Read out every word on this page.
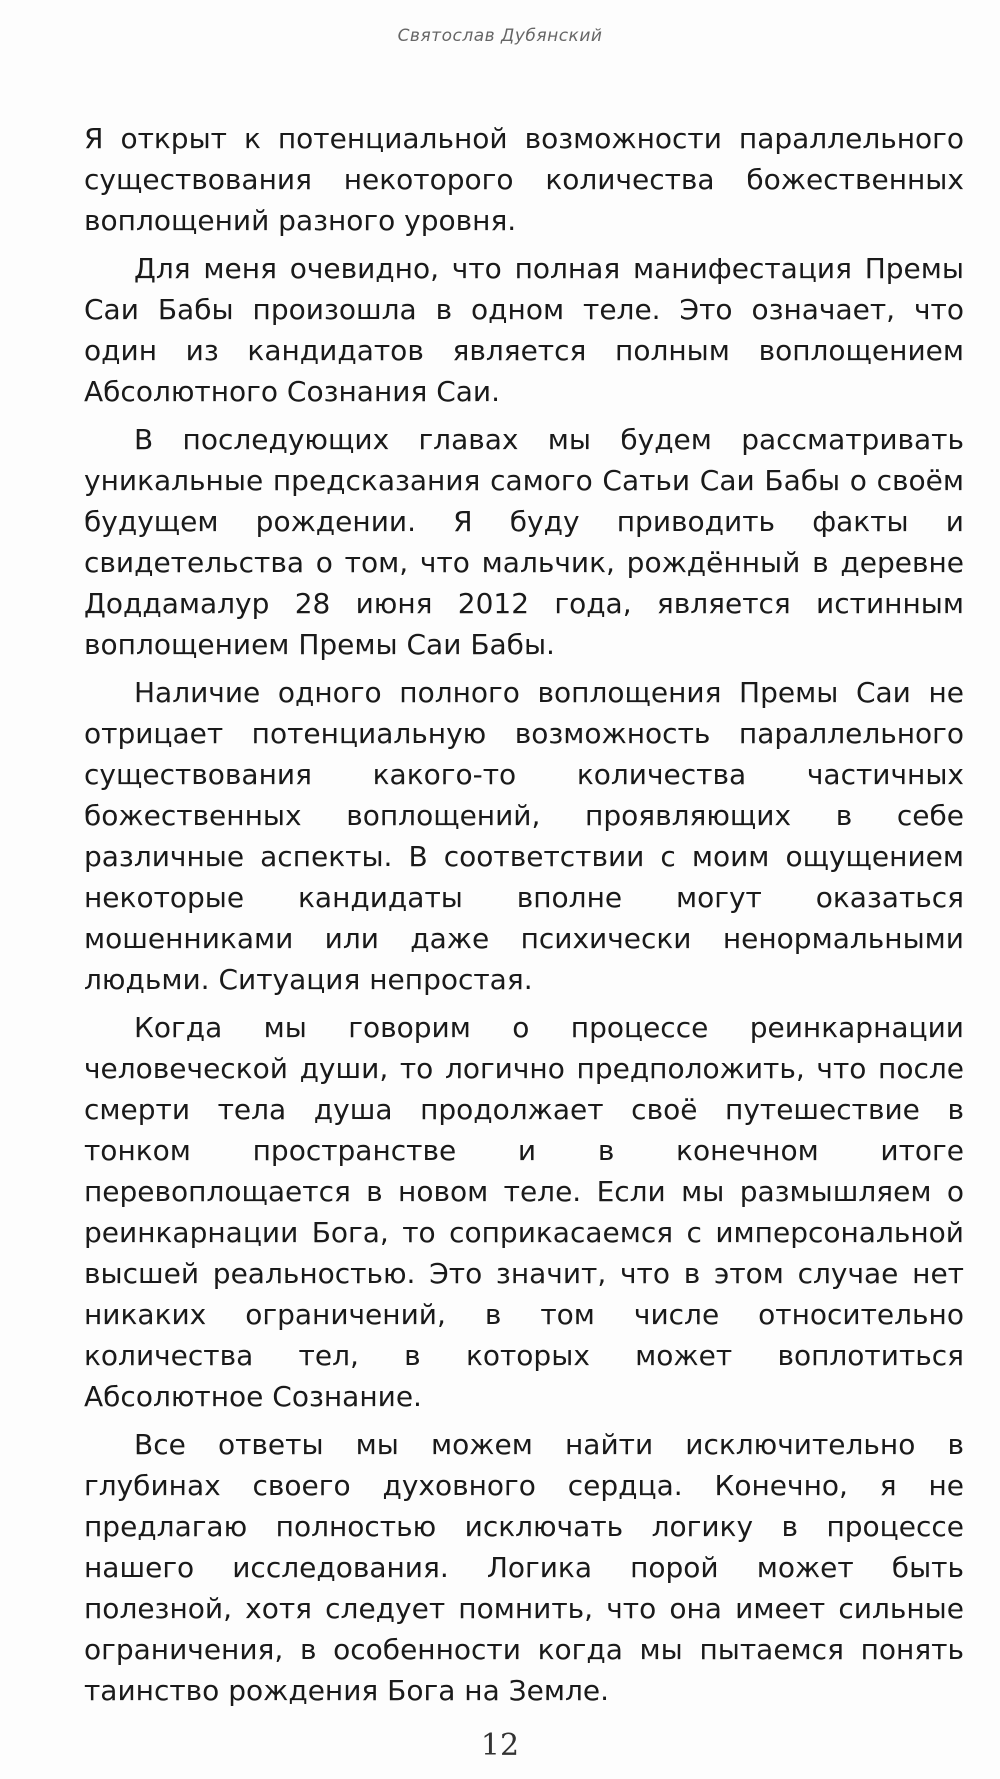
Святослав Дубянский

Я открыт к потенциальной возможности параллельного существования некоторого количества божественных воплощений разного уровня.

Для меня очевидно, что полная манифестация Премы Саи Бабы произошла в одном теле. Это означает, что один из кандидатов является полным воплощением Абсолютного Сознания Саи.

В последующих главах мы будем рассматривать уникальные предсказания самого Сатьи Саи Бабы о своём будущем рождении. Я буду приводить факты и свидетельства о том, что мальчик, рождённый в деревне Доддамалур 28 июня 2012 года, является истинным воплощением Премы Саи Бабы.

Наличие одного полного воплощения Премы Саи не отрицает потенциальную возможность параллельного существования какого-то количества частичных божественных воплощений, проявляющих в себе различные аспекты. В соответствии с моим ощущением некоторые кандидаты вполне могут оказаться мошенниками или даже психически ненормальными людьми. Ситуация непростая.

Когда мы говорим о процессе реинкарнации человеческой души, то логично предположить, что после смерти тела душа продолжает своё путешествие в тонком пространстве и в конечном итоге перевоплощается в новом теле. Если мы размышляем о реинкарнации Бога, то соприкасаемся с имперсональной высшей реальностью. Это значит, что в этом случае нет никаких ограничений, в том числе относительно количества тел, в которых может воплотиться Абсолютное Сознание.

Все ответы мы можем найти исключительно в глубинах своего духовного сердца. Конечно, я не предлагаю полностью исключать логику в процессе нашего исследования. Логика порой может быть полезной, хотя следует помнить, что она имеет сильные ограничения, в особенности когда мы пытаемся понять таинство рождения Бога на Земле.

12
